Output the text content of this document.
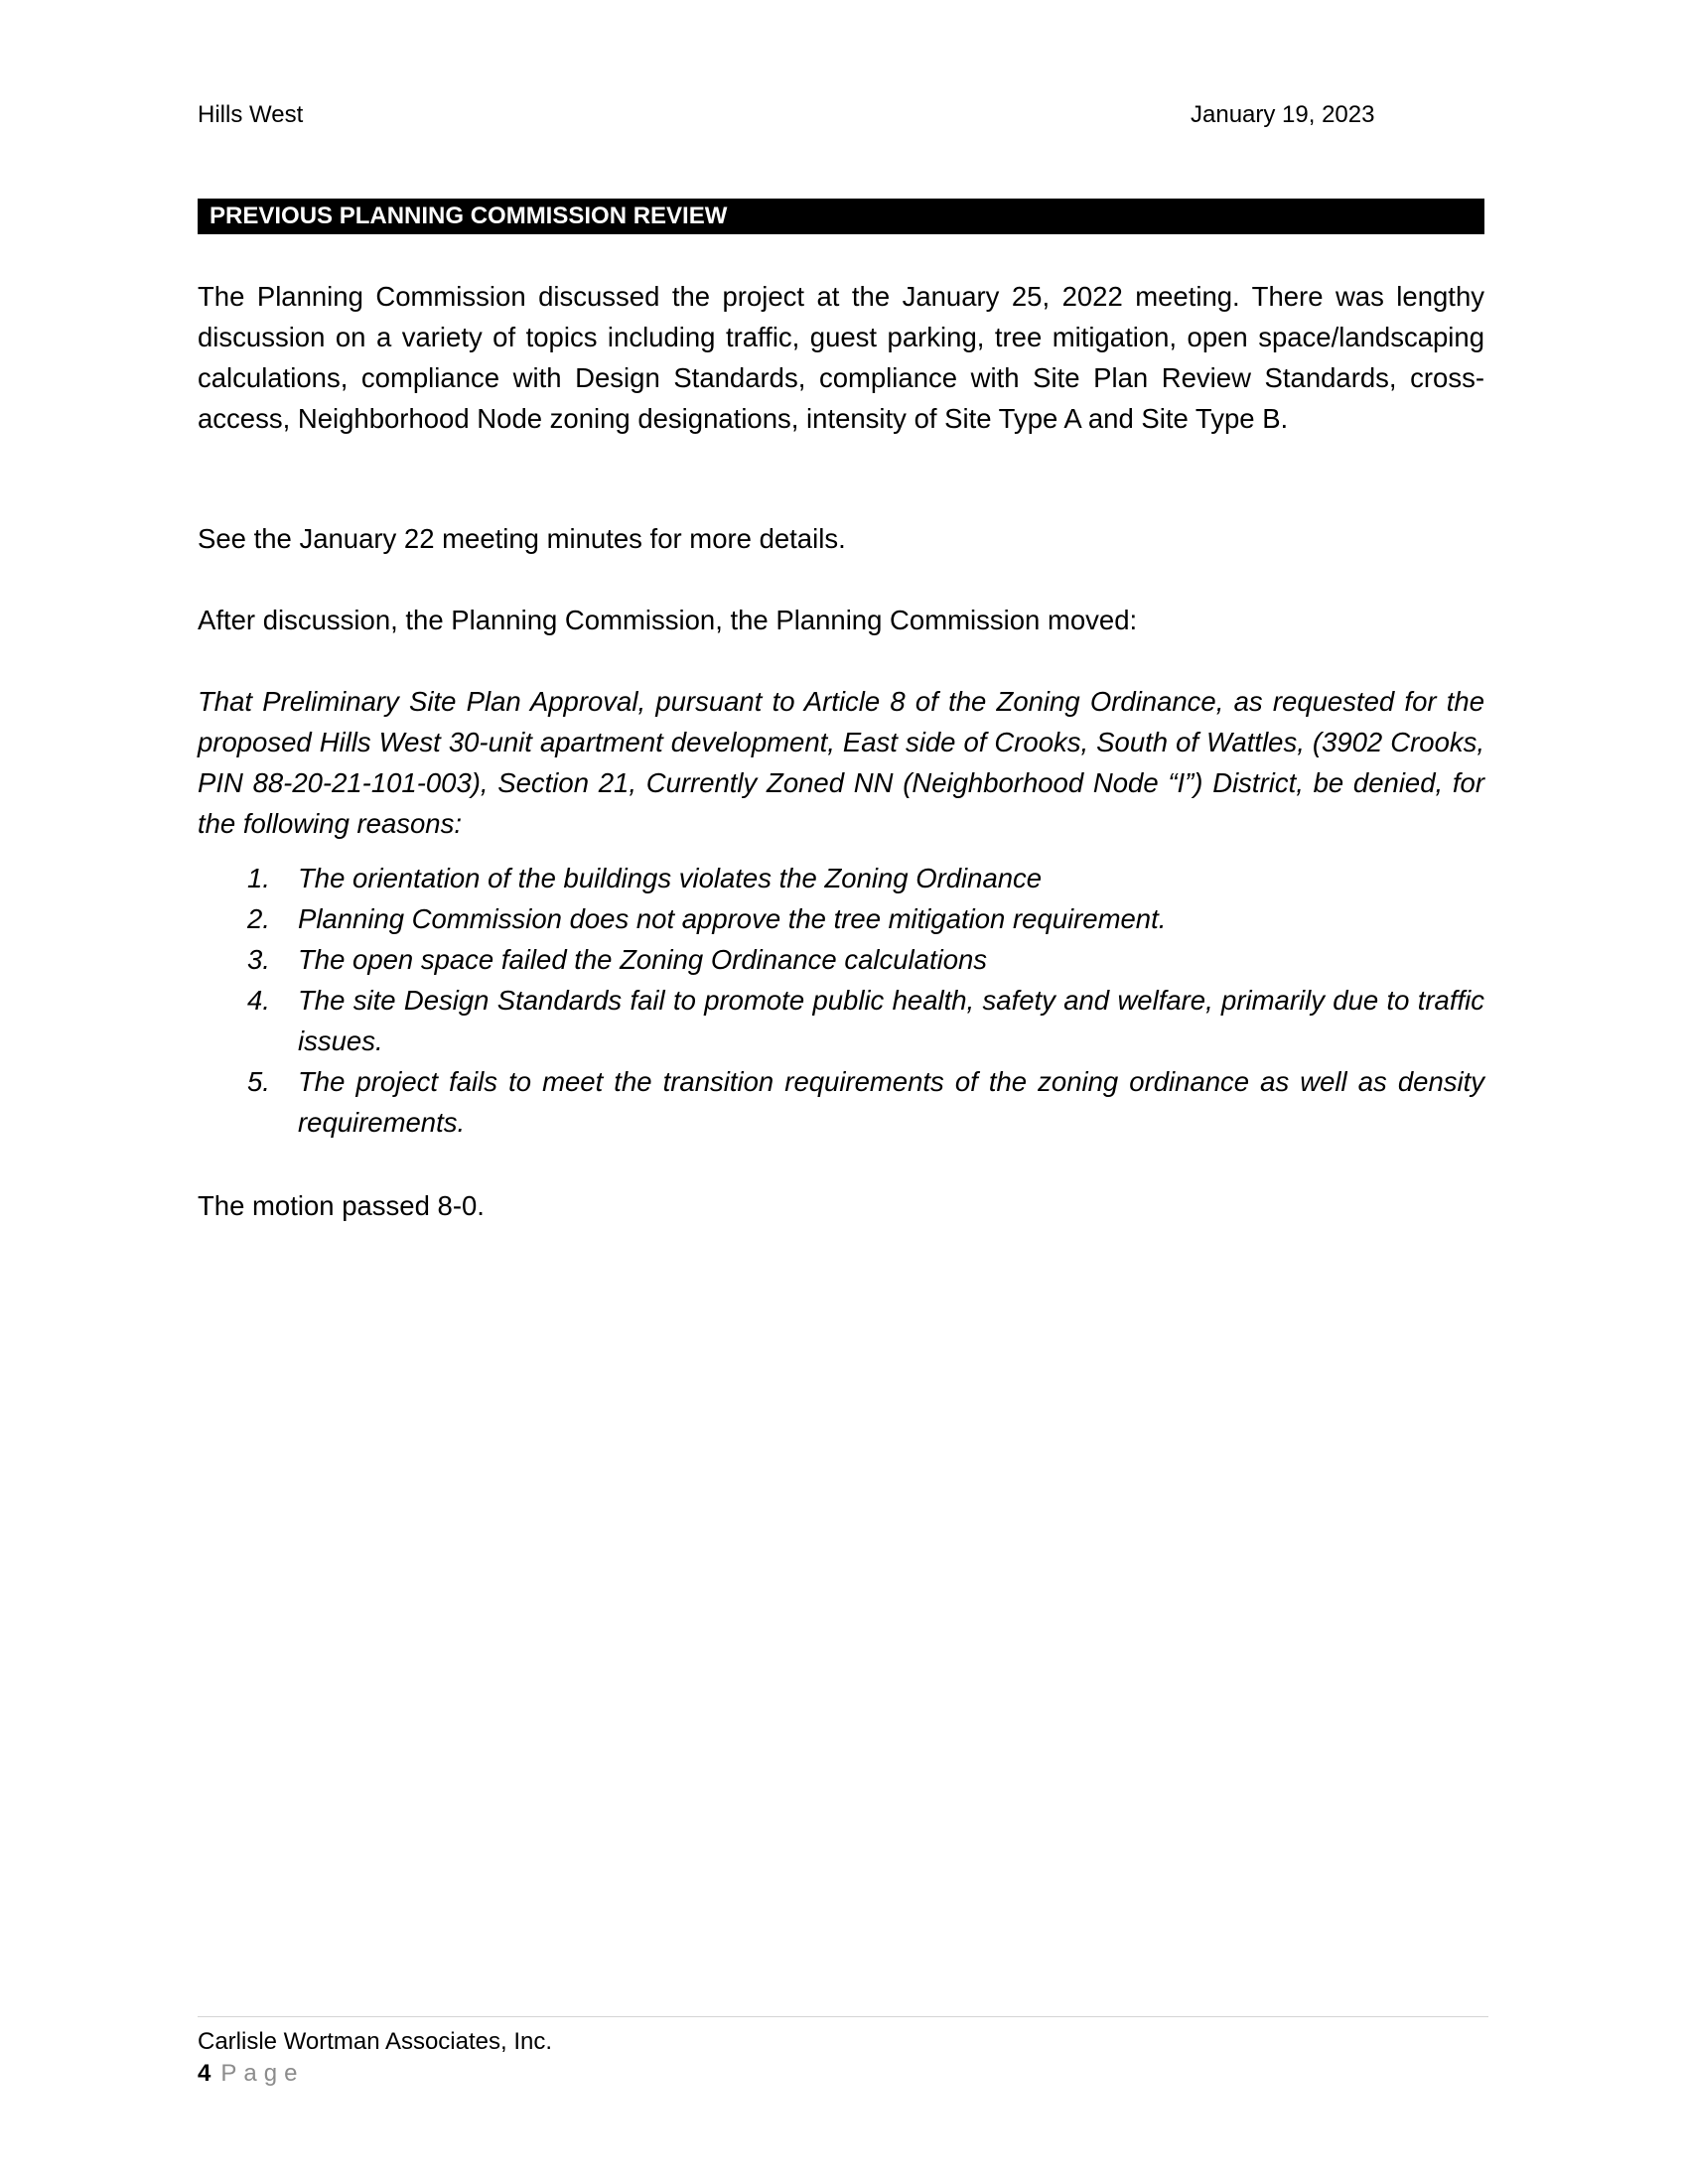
Hills West	January 19, 2023
PREVIOUS PLANNING COMMISSION REVIEW
The Planning Commission discussed the project at the January 25, 2022 meeting. There was lengthy discussion on a variety of topics including traffic, guest parking, tree mitigation, open space/landscaping calculations, compliance with Design Standards, compliance with Site Plan Review Standards, cross-access, Neighborhood Node zoning designations, intensity of Site Type A and Site Type B.
See the January 22 meeting minutes for more details.
After discussion, the Planning Commission, the Planning Commission moved:
That Preliminary Site Plan Approval, pursuant to Article 8 of the Zoning Ordinance, as requested for the proposed Hills West 30-unit apartment development, East side of Crooks, South of Wattles, (3902 Crooks, PIN 88-20-21-101-003), Section 21, Currently Zoned NN (Neighborhood Node “I”) District, be denied, for the following reasons:
1. The orientation of the buildings violates the Zoning Ordinance
2. Planning Commission does not approve the tree mitigation requirement.
3. The open space failed the Zoning Ordinance calculations
4. The site Design Standards fail to promote public health, safety and welfare, primarily due to traffic issues.
5. The project fails to meet the transition requirements of the zoning ordinance as well as density requirements.
The motion passed 8-0.
Carlisle Wortman Associates, Inc.
4 Page
